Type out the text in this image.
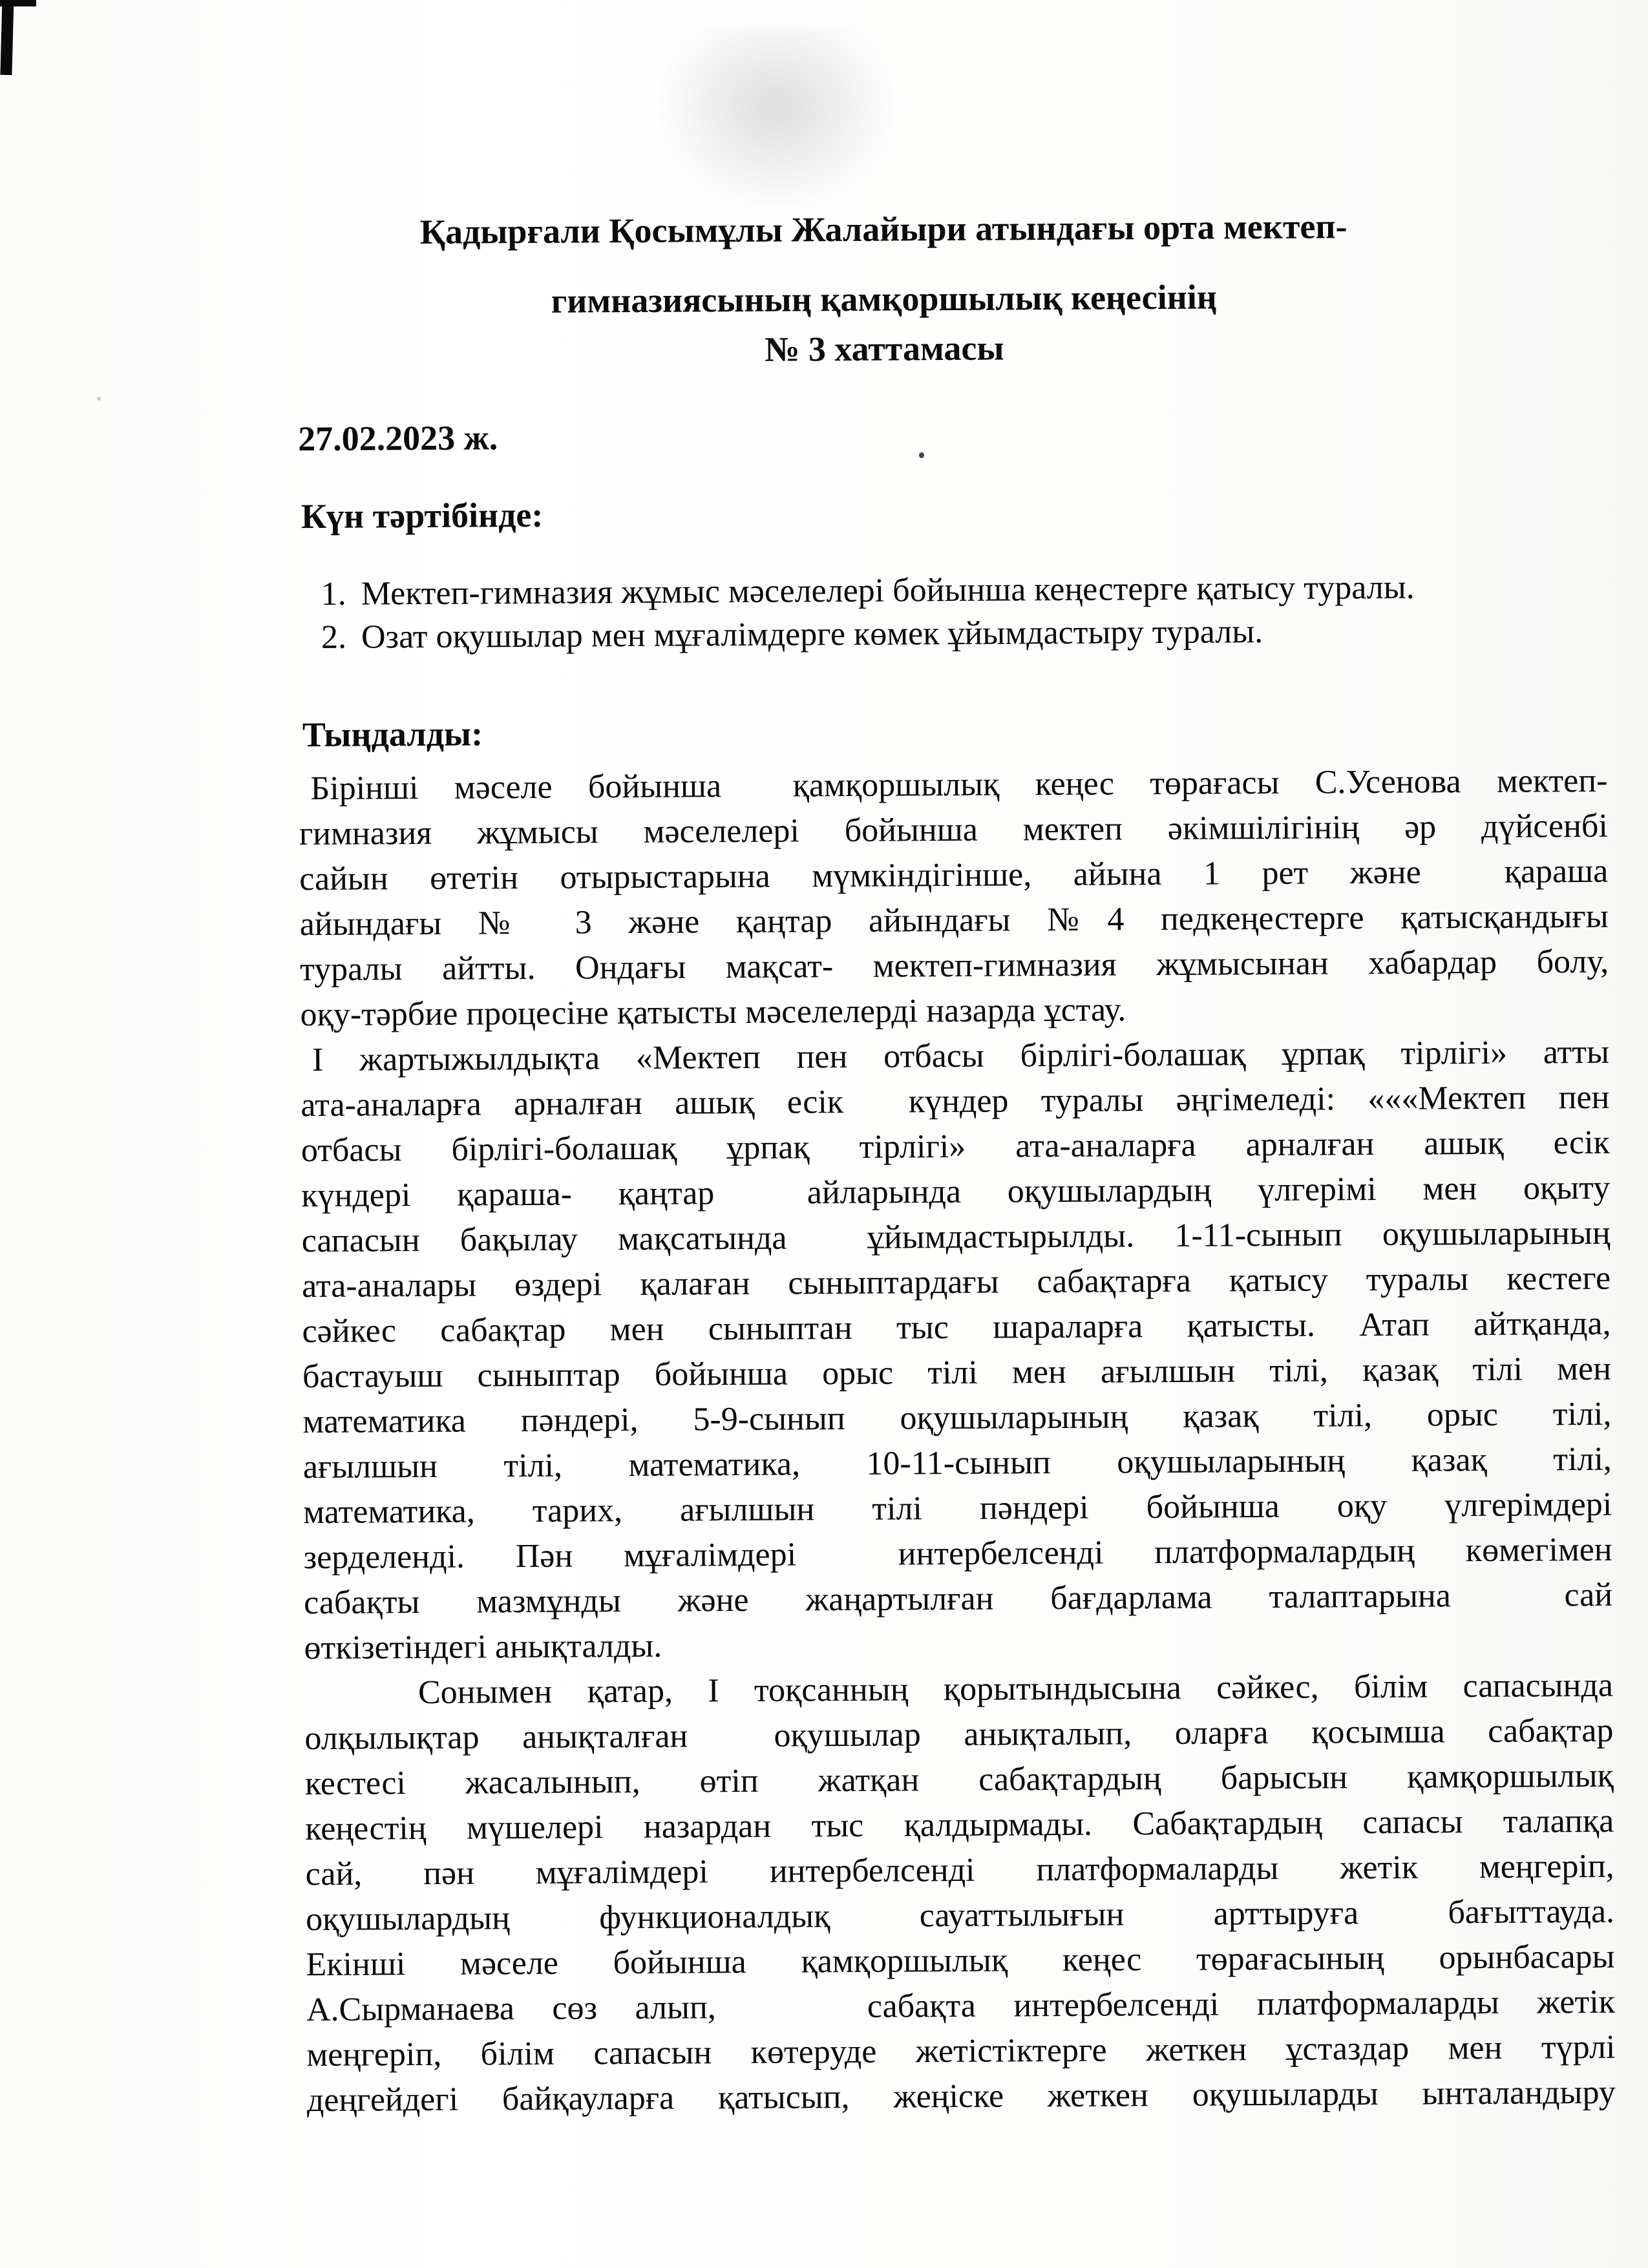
Қадырғали Қосымұлы Жалайыри атындағы орта мектеп-
гимназиясының қамқоршылық кеңесінің
№ 3 хаттамасы
27.02.2023 ж.
Күн тәртібінде:
1. Мектеп-гимназия жұмыс мәселелері бойынша кеңестерге қатысу туралы.
2. Озат оқушылар мен мұғалімдерге көмек ұйымдастыру туралы.
Тыңдалды:
Бірінші мәселе бойынша  қамқоршылық кеңес төрағасы С.Усенова мектеп-
гимназия жұмысы мәселелері бойынша мектеп әкімшілігінің әр дүйсенбі
сайын өтетін отырыстарына мүмкіндігінше, айына 1 рет және  қараша
айындағы № 3 және қаңтар айындағы №4 педкеңестерге қатысқандығы
туралы айтты. Ондағы мақсат- мектеп-гимназия жұмысынан хабардар болу,
оқу-тәрбие процесіне қатысты мәселелерді назарда ұстау.
І жартыжылдықта «Мектеп пен отбасы бірлігі-болашақ ұрпақ тірлігі» атты
ата-аналарға арналған ашық есік  күндер туралы әңгімеледі: «««Мектеп пен
отбасы бірлігі-болашақ ұрпақ тірлігі» ата-аналарға арналған ашық есік
күндері қараша- қаңтар  айларында оқушылардың үлгерімі мен оқыту
сапасын бақылау мақсатында  ұйымдастырылды. 1-11-сынып оқушыларының
ата-аналары өздері қалаған сыныптардағы сабақтарға қатысу туралы кестеге
сәйкес сабақтар мен сыныптан тыс шараларға қатысты. Атап айтқанда,
бастауыш сыныптар бойынша орыс тілі мен ағылшын тілі, қазақ тілі мен
математика пәндері, 5-9-сынып оқушыларының қазақ тілі, орыс тілі,
ағылшын тілі, математика, 10-11-сынып оқушыларының қазақ тілі,
математика, тарих, ағылшын тілі пәндері бойынша оқу үлгерімдері
зерделенді. Пән мұғалімдері  интербелсенді платформалардың көмегімен
сабақты мазмұнды және жаңартылған бағдарлама талаптарына  сай
өткізетіндегі анықталды.
Сонымен қатар, І тоқсанның қорытындысына сәйкес, білім сапасында
олқылықтар анықталған  оқушылар анықталып, оларға қосымша сабақтар
кестесі жасалынып, өтіп жатқан сабақтардың барысын қамқоршылық
кеңестің мүшелері назардан тыс қалдырмады. Сабақтардың сапасы талапқа
сай, пән мұғалімдері интербелсенді платформаларды жетік меңгеріп,
оқушылардың функционалдық сауаттылығын арттыруға бағыттауда.
Екінші мәселе бойынша қамқоршылық кеңес төрағасының орынбасары
А.Сырманаева сөз алып,    сабақта интербелсенді платформаларды жетік
меңгеріп, білім сапасын көтеруде жетістіктерге жеткен ұстаздар мен түрлі
деңгейдегі байқауларға қатысып, жеңіске жеткен оқушыларды ынталандыру
